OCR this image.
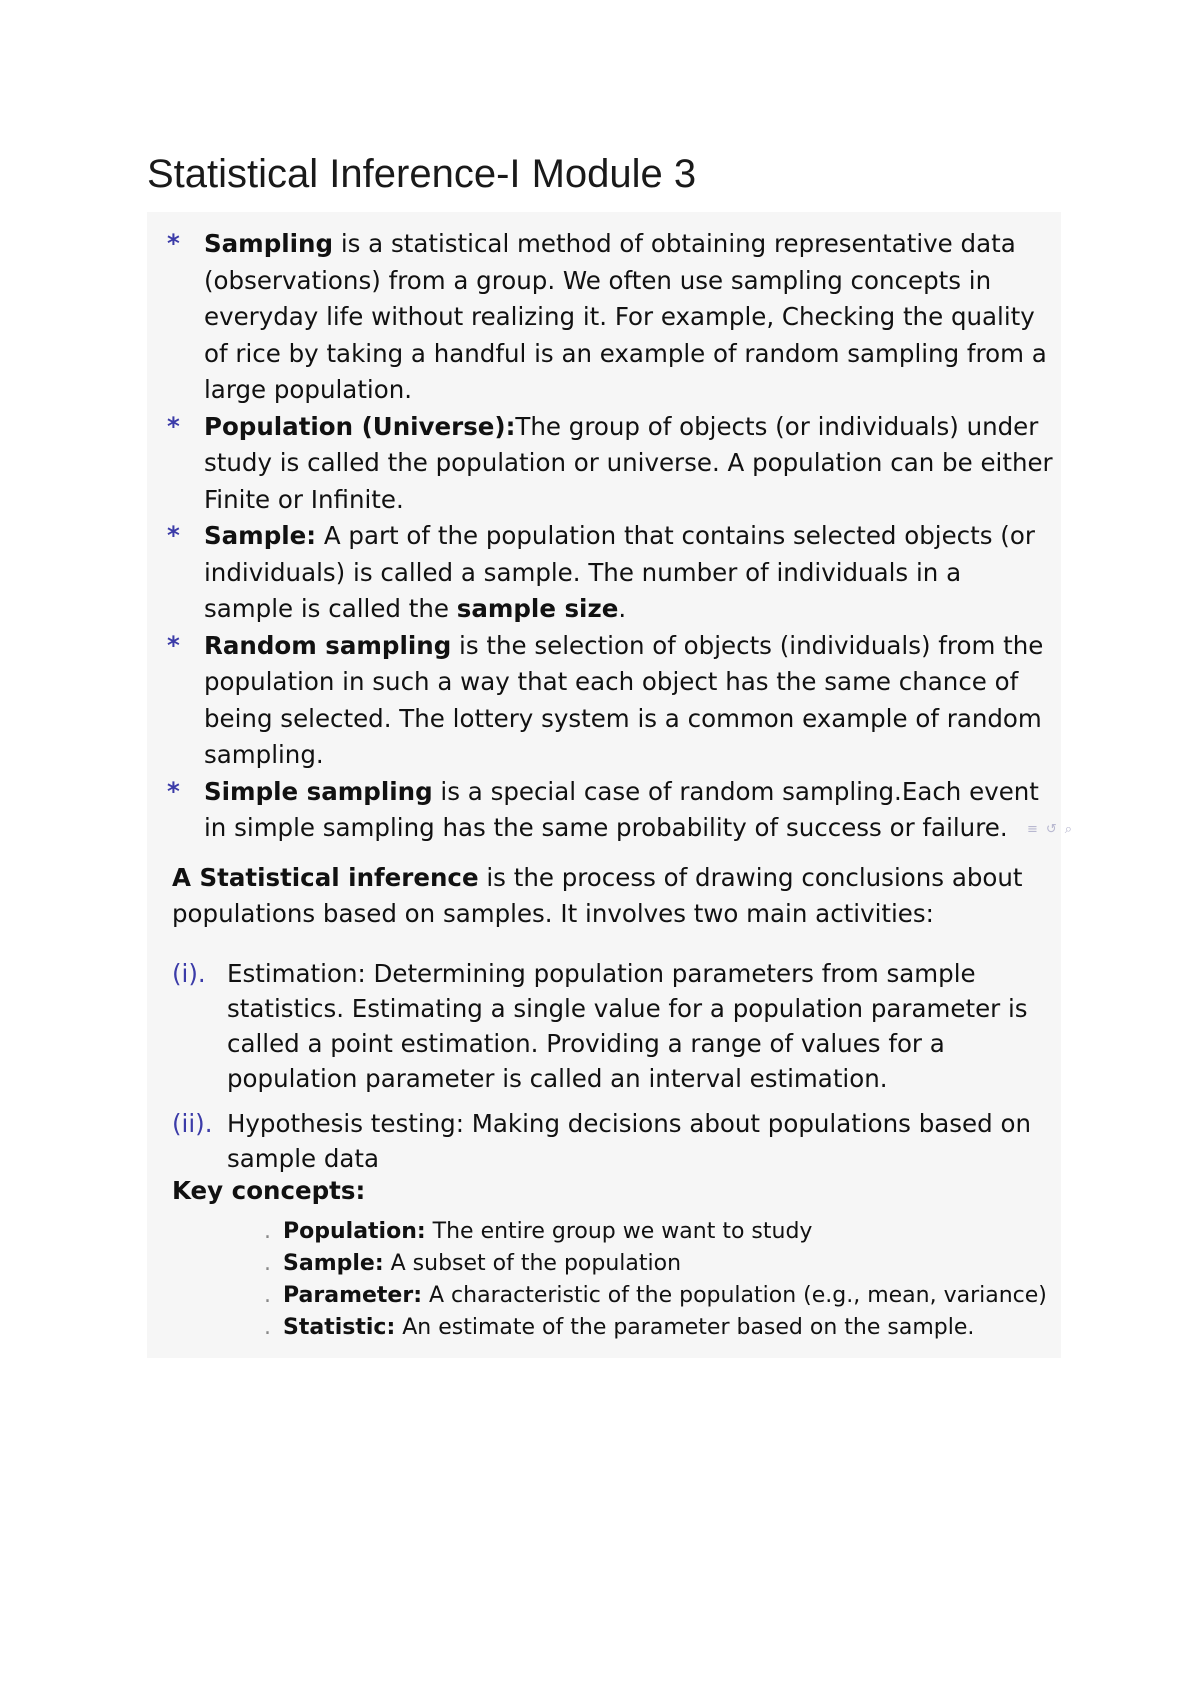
Statistical Inference-I Module 3
* Sampling is a statistical method of obtaining representative data (observations) from a group. We often use sampling concepts in everyday life without realizing it. For example, Checking the quality of rice by taking a handful is an example of random sampling from a large population.
* Population (Universe):The group of objects (or individuals) under study is called the population or universe. A population can be either Finite or Infinite.
* Sample: A part of the population that contains selected objects (or individuals) is called a sample. The number of individuals in a sample is called the sample size.
* Random sampling is the selection of objects (individuals) from the population in such a way that each object has the same chance of being selected. The lottery system is a common example of random sampling.
* Simple sampling is a special case of random sampling.Each event in simple sampling has the same probability of success or failure.	≡↺⌕

A Statistical inference is the process of drawing conclusions about populations based on samples. It involves two main activities:

(i). Estimation: Determining population parameters from sample statistics. Estimating a single value for a population parameter is called a point estimation. Providing a range of values for a population parameter is called an interval estimation.
(ii). Hypothesis testing: Making decisions about populations based on sample data
Key concepts:
. Population: The entire group we want to study
. Sample: A subset of the population
. Parameter: A characteristic of the population (e.g., mean, variance)
. Statistic: An estimate of the parameter based on the sample.
